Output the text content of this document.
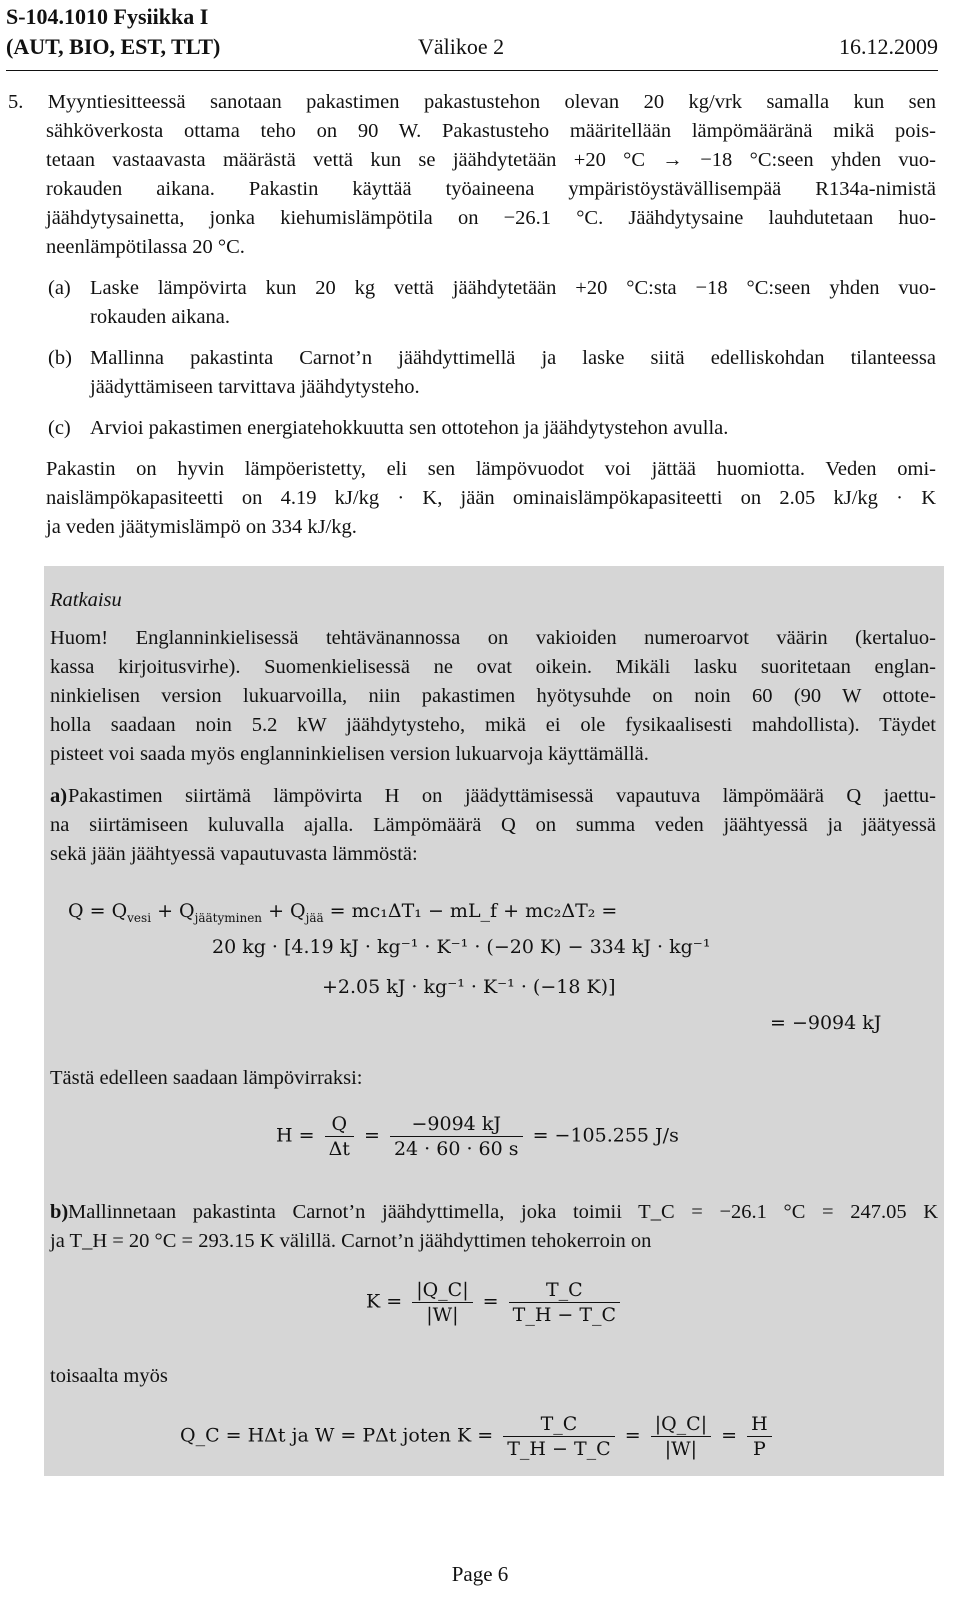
S-104.1010 Fysiikka I
(AUT, BIO, EST, TLT)	Välikoe 2	16.12.2009

5. Myyntiesitteessä sanotaan pakastimen pakastustehon olevan 20 kg/vrk samalla kun sen

sähköverkosta ottama teho on 90 W. Pakastusteho määritellään lämpömääränä mikä pois-

tetaan vastaavasta määrästä vettä kun se jäähdytetään +20 °C → −18 °C:seen yhden vuo-

rokauden aikana. Pakastin käyttää työaineena ympäristöystävällisempää R134a-nimistä

jäähdytysainetta, jonka kiehumislämpötila on −26.1 °C. Jäähdytysaine lauhdutetaan huo-

neenlämpötilassa 20 °C.

(a) Laske lämpövirta kun 20 kg vettä jäähdytetään +20 °C:sta −18 °C:seen yhden vuo-

rokauden aikana.

(b) Mallinna pakastinta Carnot’n jäähdyttimellä ja laske siitä edelliskohdan tilanteessa

jäädyttämiseen tarvittava jäähdytysteho.

(c) Arvioi pakastimen energiatehokkuutta sen ottotehon ja jäähdytystehon avulla.

Pakastin on hyvin lämpöeristetty, eli sen lämpövuodot voi jättää huomiotta. Veden omi-

naislämpökapasiteetti on 4.19 kJ/kg · K, jään ominaislämpökapasiteetti on 2.05 kJ/kg · K

ja veden jäätymislämpö on 334 kJ/kg.

Ratkaisu

Huom! Englanninkielisessä tehtävänannossa on vakioiden numeroarvot väärin (kertaluo-

kassa kirjoitusvirhe). Suomenkielisessä ne ovat oikein. Mikäli lasku suoritetaan englan-

ninkielisen version lukuarvoilla, niin pakastimen hyötysuhde on noin 60 (90 W ottote-

holla saadaan noin 5.2 kW jäähdytysteho, mikä ei ole fysikaalisesti mahdollista). Täydet

pisteet voi saada myös englanninkielisen version lukuarvoja käyttämällä.

a) Pakastimen siirtämä lämpövirta H on jäädyttämisessä vapautuva lämpömäärä Q jaettu-

na siirtämiseen kuluvalla ajalla. Lämpömäärä Q on summa veden jäähtyessä ja jäätyessä

sekä jään jäähtyessä vapautuvasta lämmöstä:

$Q = Q_{vesi} + Q_{jäätyminen} + Q_{jää} = mc_1\Delta T_1$ − mL_f + mc₂ΔT₂ =
20 kg · [4.19 kJ · kg⁻¹ · K⁻¹ · (−20 K) − 334 kJ · kg⁻¹
+2.05 kJ · kg⁻¹ · K⁻¹ · (−18 K)]
= −9094 kJ

Tästä edelleen saadaan lämpövirraksi:

$H = \frac{Q}{\Delta t} = \frac{-9094 kJ}{24 \cdot 60 \cdot 60 s} = -105.255$ J/s

b) Mallinnetaan pakastinta Carnot’n jäähdyttimella, joka toimii T_C = −26.1 °C = 247.05 K

ja T_H = 20 °C = 293.15 K välillä. Carnot’n jäähdyttimen tehokerroin on

$K = \frac{|Q\_C|}{|W|} = \frac{T\_C}{T\_H - T\_C}$

toisaalta myös

Q_C = HΔt ja W = PΔt joten $K = \frac{T\_C}{T\_H - T\_C} = \frac{|Q\_C|}{|W|} = \frac{H}{P}$
Page 6
